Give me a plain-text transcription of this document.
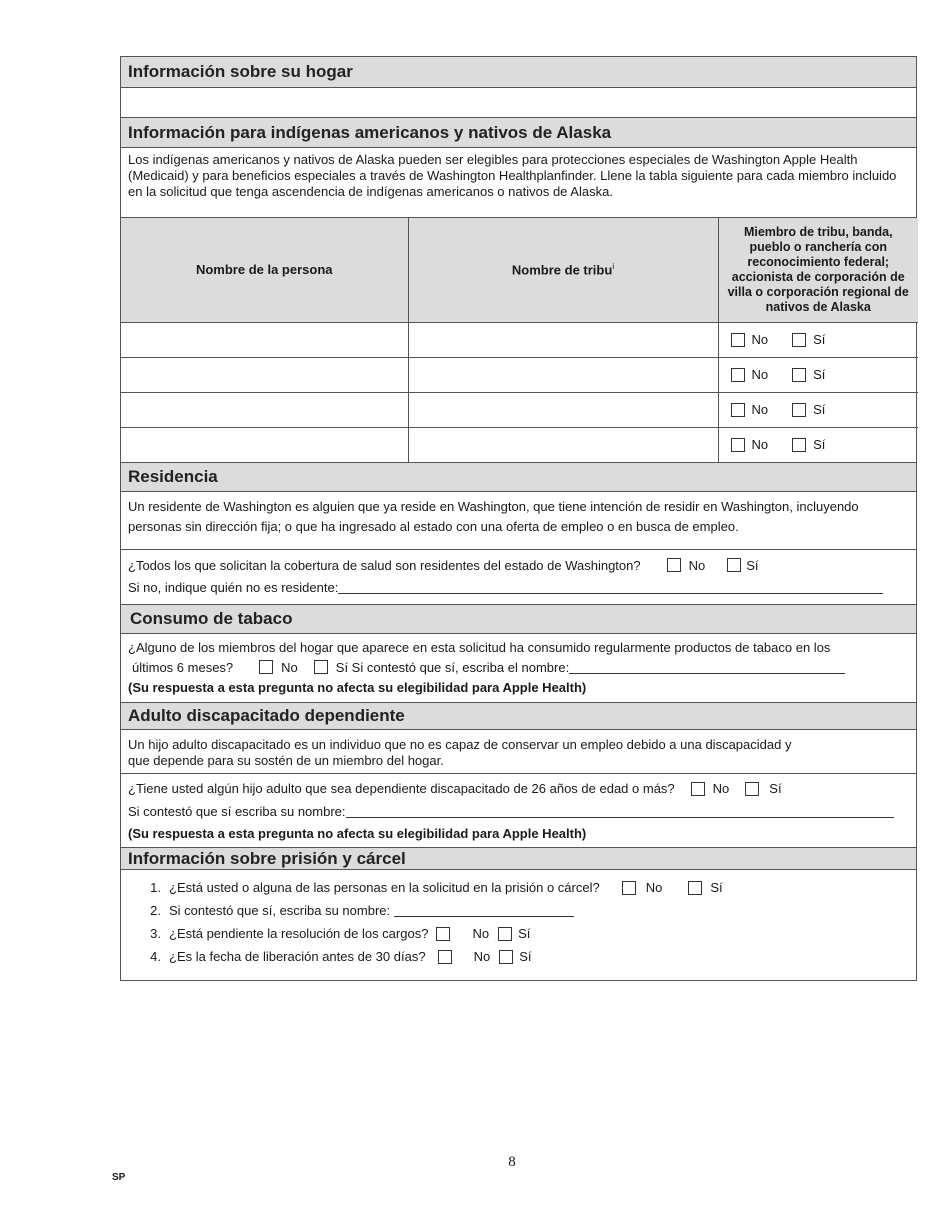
Información sobre su hogar
Información para indígenas americanos y nativos de Alaska
Los indígenas americanos y nativos de Alaska pueden ser elegibles para protecciones especiales de Washington Apple Health (Medicaid) y para beneficios especiales a través de Washington Healthplanfinder. Llene la tabla siguiente para cada miembro incluido en la solicitud que tenga ascendencia de indígenas americanos o nativos de Alaska.
Nombre de la persona	Nombre de tribu$^i$	Miembro de tribu, banda, pueblo o ranchería con reconocimiento federal; accionista de corporación de villa o corporación regional de nativos de Alaska

		No Sí

		No Sí

		No Sí

		No Sí
Residencia
Un residente de Washington es alguien que ya reside en Washington, que tiene intención de residir en Washington, incluyendo personas sin dirección fija; o que ha ingresado al estado con una oferta de empleo o en busca de empleo.
¿Todos los que solicitan la cobertura de salud son residentes del estado de Washington?	No	Sí
Si no, indique quién no es residente:
Consumo de tabaco
¿Alguno de los miembros del hogar que aparece en esta solicitud ha consumido regularmente productos de tabaco en los
últimos 6 meses?	No	Sí Si contestó que sí, escriba el nombre:
(Su respuesta a esta pregunta no afecta su elegibilidad para Apple Health)
Adulto discapacitado dependiente
Un hijo adulto discapacitado es un individuo que no es capaz de conservar un empleo debido a una discapacidad y
que depende para su sostén de un miembro del hogar.
¿Tiene usted algún hijo adulto que sea dependiente discapacitado de 26 años de edad o más?	No	Sí
Si contestó que sí escriba su nombre:
(Su respuesta a esta pregunta no afecta su elegibilidad para Apple Health)
Información sobre prisión y cárcel
1. ¿Está usted o alguna de las personas en la solicitud en la prisión o cárcel?	No	Sí
2. Si contestó que sí, escriba su nombre:
3. ¿Está pendiente la resolución de los cargos?	No Sí
4. ¿Es la fecha de liberación antes de 30 días?	No Sí
8
SP
